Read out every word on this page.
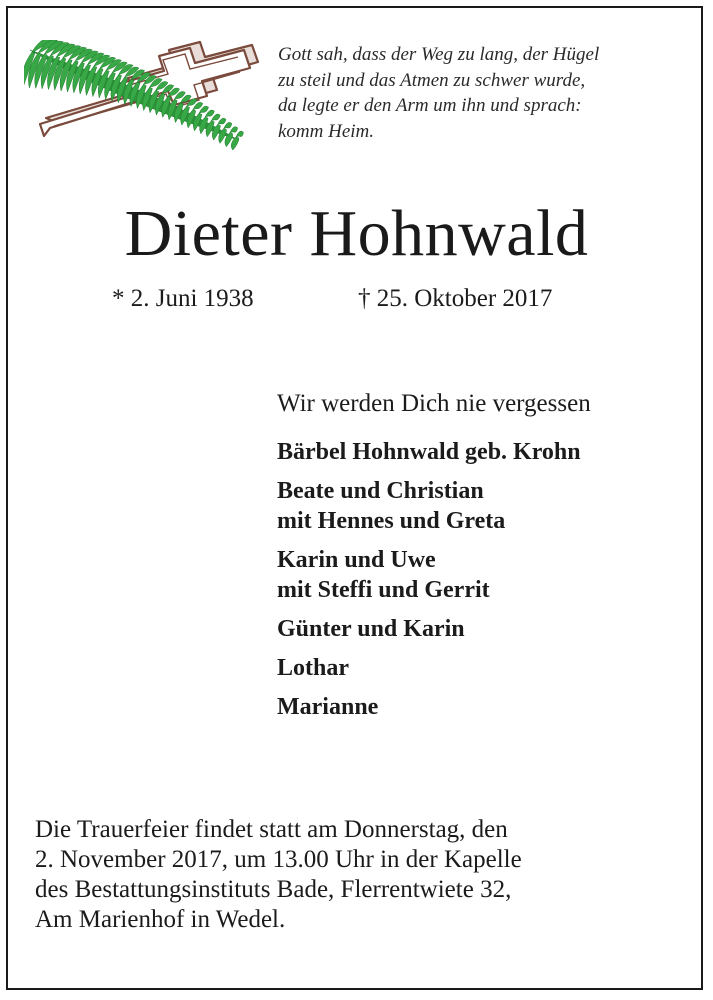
Gott sah, dass der Weg zu lang, der Hügel
zu steil und das Atmen zu schwer wurde,
da legte er den Arm um ihn und sprach:
komm Heim.
Dieter Hohnwald
* 2. Juni 1938	† 25. Oktober 2017
Wir werden Dich nie vergessen
Bärbel Hohnwald geb. Krohn
Beate und Christian
mit Hennes und Greta
Karin und Uwe
mit Steffi und Gerrit
Günter und Karin
Lothar
Marianne
Die Trauerfeier findet statt am Donnerstag, den
2. November 2017, um 13.00 Uhr in der Kapelle
des Bestattungsinstituts Bade, Flerrentwiete 32,
Am Marienhof in Wedel.
